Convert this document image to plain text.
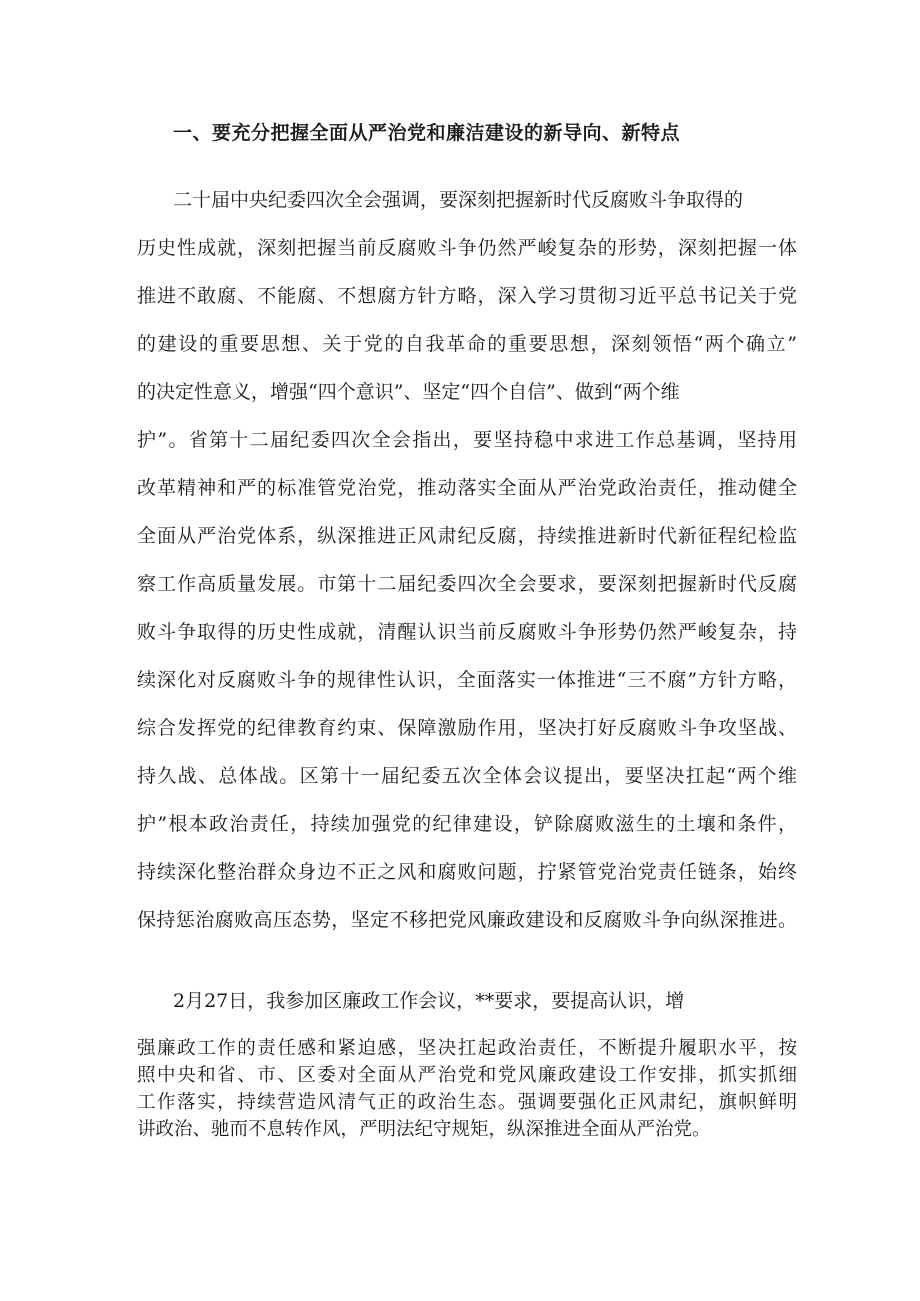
一、要充分把握全面从严治党和廉洁建设的新导向、新特点
二十届中央纪委四次全会强调，要深刻把握新时代反腐败斗争取得的
历史性成就，深刻把握当前反腐败斗争仍然严峻复杂的形势，深刻把握一体
推进不敢腐、不能腐、不想腐方针方略，深入学习贯彻习近平总书记关于党
的建设的重要思想、关于党的自我革命的重要思想，深刻领悟“两个确立”
的决定性意义，增强“四个意识”、坚定“四个自信”、做到“两个维
护”。省第十二届纪委四次全会指出，要坚持稳中求进工作总基调，坚持用
改革精神和严的标准管党治党，推动落实全面从严治党政治责任，推动健全
全面从严治党体系，纵深推进正风肃纪反腐，持续推进新时代新征程纪检监
察工作高质量发展。市第十二届纪委四次全会要求，要深刻把握新时代反腐
败斗争取得的历史性成就，清醒认识当前反腐败斗争形势仍然严峻复杂，持
续深化对反腐败斗争的规律性认识，全面落实一体推进“三不腐”方针方略，
综合发挥党的纪律教育约束、保障激励作用，坚决打好反腐败斗争攻坚战、
持久战、总体战。区第十一届纪委五次全体会议提出，要坚决扛起“两个维
护”根本政治责任，持续加强党的纪律建设，铲除腐败滋生的土壤和条件，
持续深化整治群众身边不正之风和腐败问题，拧紧管党治党责任链条，始终
保持惩治腐败高压态势，坚定不移把党风廉政建设和反腐败斗争向纵深推进。
2月27日，我参加区廉政工作会议，**要求，要提高认识，增
强廉政工作的责任感和紧迫感，坚决扛起政治责任，不断提升履职水平，按
照中央和省、市、区委对全面从严治党和党风廉政建设工作安排，抓实抓细
工作落实，持续营造风清气正的政治生态。强调要强化正风肃纪，旗帜鲜明
讲政治、驰而不息转作风，严明法纪守规矩，纵深推进全面从严治党。
